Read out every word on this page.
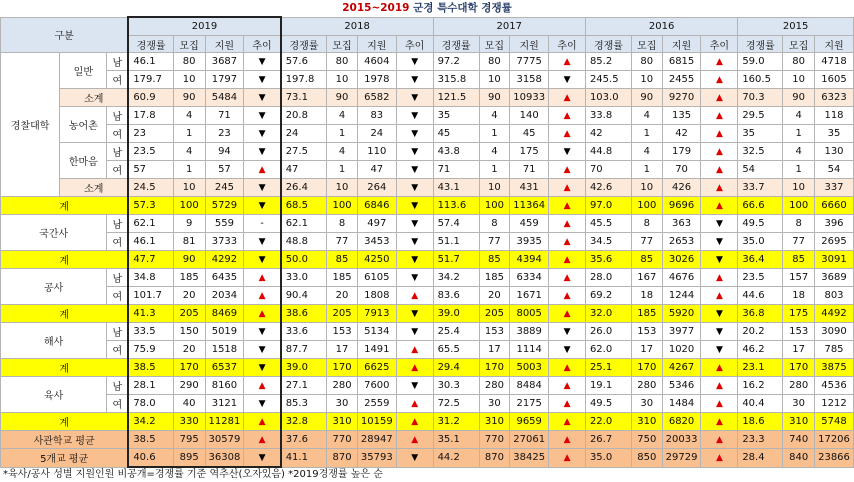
2015~2019 군경 특수대학 경쟁률
구분			2019				2018				2017				2016				2015		
			경쟁률	모집	지원	추이	경쟁률	모집	지원	추이	경쟁률	모집	지원	추이	경쟁률	모집	지원	추이	경쟁률	모집	지원
경찰대학	일반	남	46.1	80	3687	▼	57.6	80	4604	▼	97.2	80	7775	▲	85.2	80	6815	▲	59.0	80	4718
		여	179.7	10	1797	▼	197.8	10	1978	▼	315.8	10	3158	▼	245.5	10	2455	▲	160.5	10	1605
	소계		60.9	90	5484	▼	73.1	90	6582	▼	121.5	90	10933	▲	103.0	90	9270	▲	70.3	90	6323
	농어촌	남	17.8	4	71	▼	20.8	4	83	▼	35	4	140	▲	33.8	4	135	▲	29.5	4	118
		여	23	1	23	▼	24	1	24	▼	45	1	45	▲	42	1	42	▲	35	1	35
	한마음	남	23.5	4	94	▼	27.5	4	110	▼	43.8	4	175	▼	44.8	4	179	▲	32.5	4	130
		여	57	1	57	▲	47	1	47	▼	71	1	71	▲	70	1	70	▲	54	1	54
	소계		24.5	10	245	▼	26.4	10	264	▼	43.1	10	431	▲	42.6	10	426	▲	33.7	10	337
계			57.3	100	5729	▼	68.5	100	6846	▼	113.6	100	11364	▲	97.0	100	9696	▲	66.6	100	6660
국간사		남	62.1	9	559	-	62.1	8	497	▼	57.4	8	459	▲	45.5	8	363	▼	49.5	8	396
		여	46.1	81	3733	▼	48.8	77	3453	▼	51.1	77	3935	▲	34.5	77	2653	▼	35.0	77	2695
계			47.7	90	4292	▼	50.0	85	4250	▼	51.7	85	4394	▲	35.6	85	3026	▼	36.4	85	3091
공사		남	34.8	185	6435	▲	33.0	185	6105	▼	34.2	185	6334	▲	28.0	167	4676	▲	23.5	157	3689
		여	101.7	20	2034	▲	90.4	20	1808	▲	83.6	20	1671	▲	69.2	18	1244	▲	44.6	18	803
계			41.3	205	8469	▲	38.6	205	7913	▼	39.0	205	8005	▲	32.0	185	5920	▼	36.8	175	4492
해사		남	33.5	150	5019	▼	33.6	153	5134	▼	25.4	153	3889	▼	26.0	153	3977	▼	20.2	153	3090
		여	75.9	20	1518	▼	87.7	17	1491	▲	65.5	17	1114	▼	62.0	17	1020	▼	46.2	17	785
계			38.5	170	6537	▼	39.0	170	6625	▲	29.4	170	5003	▲	25.1	170	4267	▲	23.1	170	3875
육사		남	28.1	290	8160	▲	27.1	280	7600	▼	30.3	280	8484	▲	19.1	280	5346	▲	16.2	280	4536
		여	78.0	40	3121	▼	85.3	30	2559	▲	72.5	30	2175	▲	49.5	30	1484	▲	40.4	30	1212
계			34.2	330	11281	▲	32.8	310	10159	▲	31.2	310	9659	▲	22.0	310	6820	▲	18.6	310	5748
사관학교 평균			38.5	795	30579	▲	37.6	770	28947	▲	35.1	770	27061	▲	26.7	750	20033	▲	23.3	740	17206
5개교 평균			40.6	895	36308	▼	41.1	870	35793	▼	44.2	870	38425	▲	35.0	850	29729	▲	28.4	840	23866
*육사/공사 성별 지원인원 비공개=경쟁률 기준 역추산(오자있음) *2019경쟁률 높은 순
